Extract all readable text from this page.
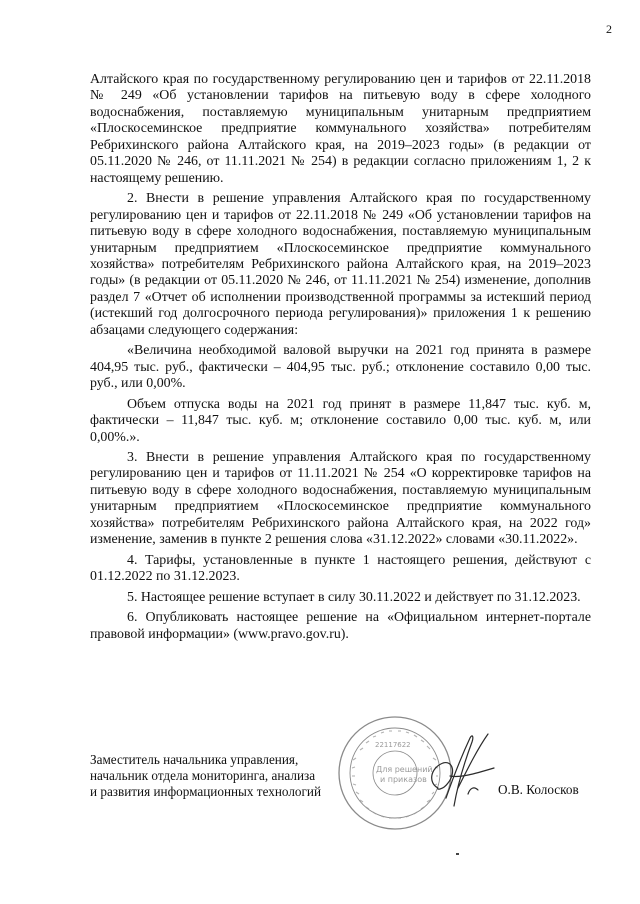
2

Алтайского края по государственному регулированию цен и тарифов от 22.11.2018 № 249 «Об установлении тарифов на питьевую воду в сфере холодного водоснабжения, поставляемую муниципальным унитарным предприятием «Плоскосеминское предприятие коммунального хозяйства» потребителям Ребрихинского района Алтайского края, на 2019–2023 годы» (в редакции от 05.11.2020 № 246, от 11.11.2021 № 254) в редакции согласно приложениям 1, 2 к настоящему решению.

2. Внести в решение управления Алтайского края по государственному регулированию цен и тарифов от 22.11.2018 № 249 «Об установлении тарифов на питьевую воду в сфере холодного водоснабжения, поставляемую муниципальным унитарным предприятием «Плоскосеминское предприятие коммунального хозяйства» потребителям Ребрихинского района Алтайского края, на 2019–2023 годы» (в редакции от 05.11.2020 № 246, от 11.11.2021 № 254) изменение, дополнив раздел 7 «Отчет об исполнении производственной программы за истекший период (истекший год долгосрочного периода регулирования)» приложения 1 к решению абзацами следующего содержания:

«Величина необходимой валовой выручки на 2021 год принята в размере 404,95 тыс. руб., фактически – 404,95 тыс. руб.; отклонение составило 0,00 тыс. руб., или 0,00%.

Объем отпуска воды на 2021 год принят в размере 11,847 тыс. куб. м, фактически – 11,847 тыс. куб. м; отклонение составило 0,00 тыс. куб. м, или 0,00%.».

3. Внести в решение управления Алтайского края по государственному регулированию цен и тарифов от 11.11.2021 № 254 «О корректировке тарифов на питьевую воду в сфере холодного водоснабжения, поставляемую муниципальным унитарным предприятием «Плоскосеминское предприятие коммунального хозяйства» потребителям Ребрихинского района Алтайского края, на 2022 год» изменение, заменив в пункте 2 решения слова «31.12.2022» словами «30.11.2022».

4. Тарифы, установленные в пункте 1 настоящего решения, действуют с 01.12.2022 по 31.12.2023.

5. Настоящее решение вступает в силу 30.11.2022 и действует по 31.12.2023.

6. Опубликовать настоящее решение на «Официальном интернет-портале правовой информации» (www.pravo.gov.ru).

22117622
Для решений
и приказов
Заместитель начальника управления,
начальник отдела мониторинга, анализа
и развития информационных технологий	О.В. Колосков
